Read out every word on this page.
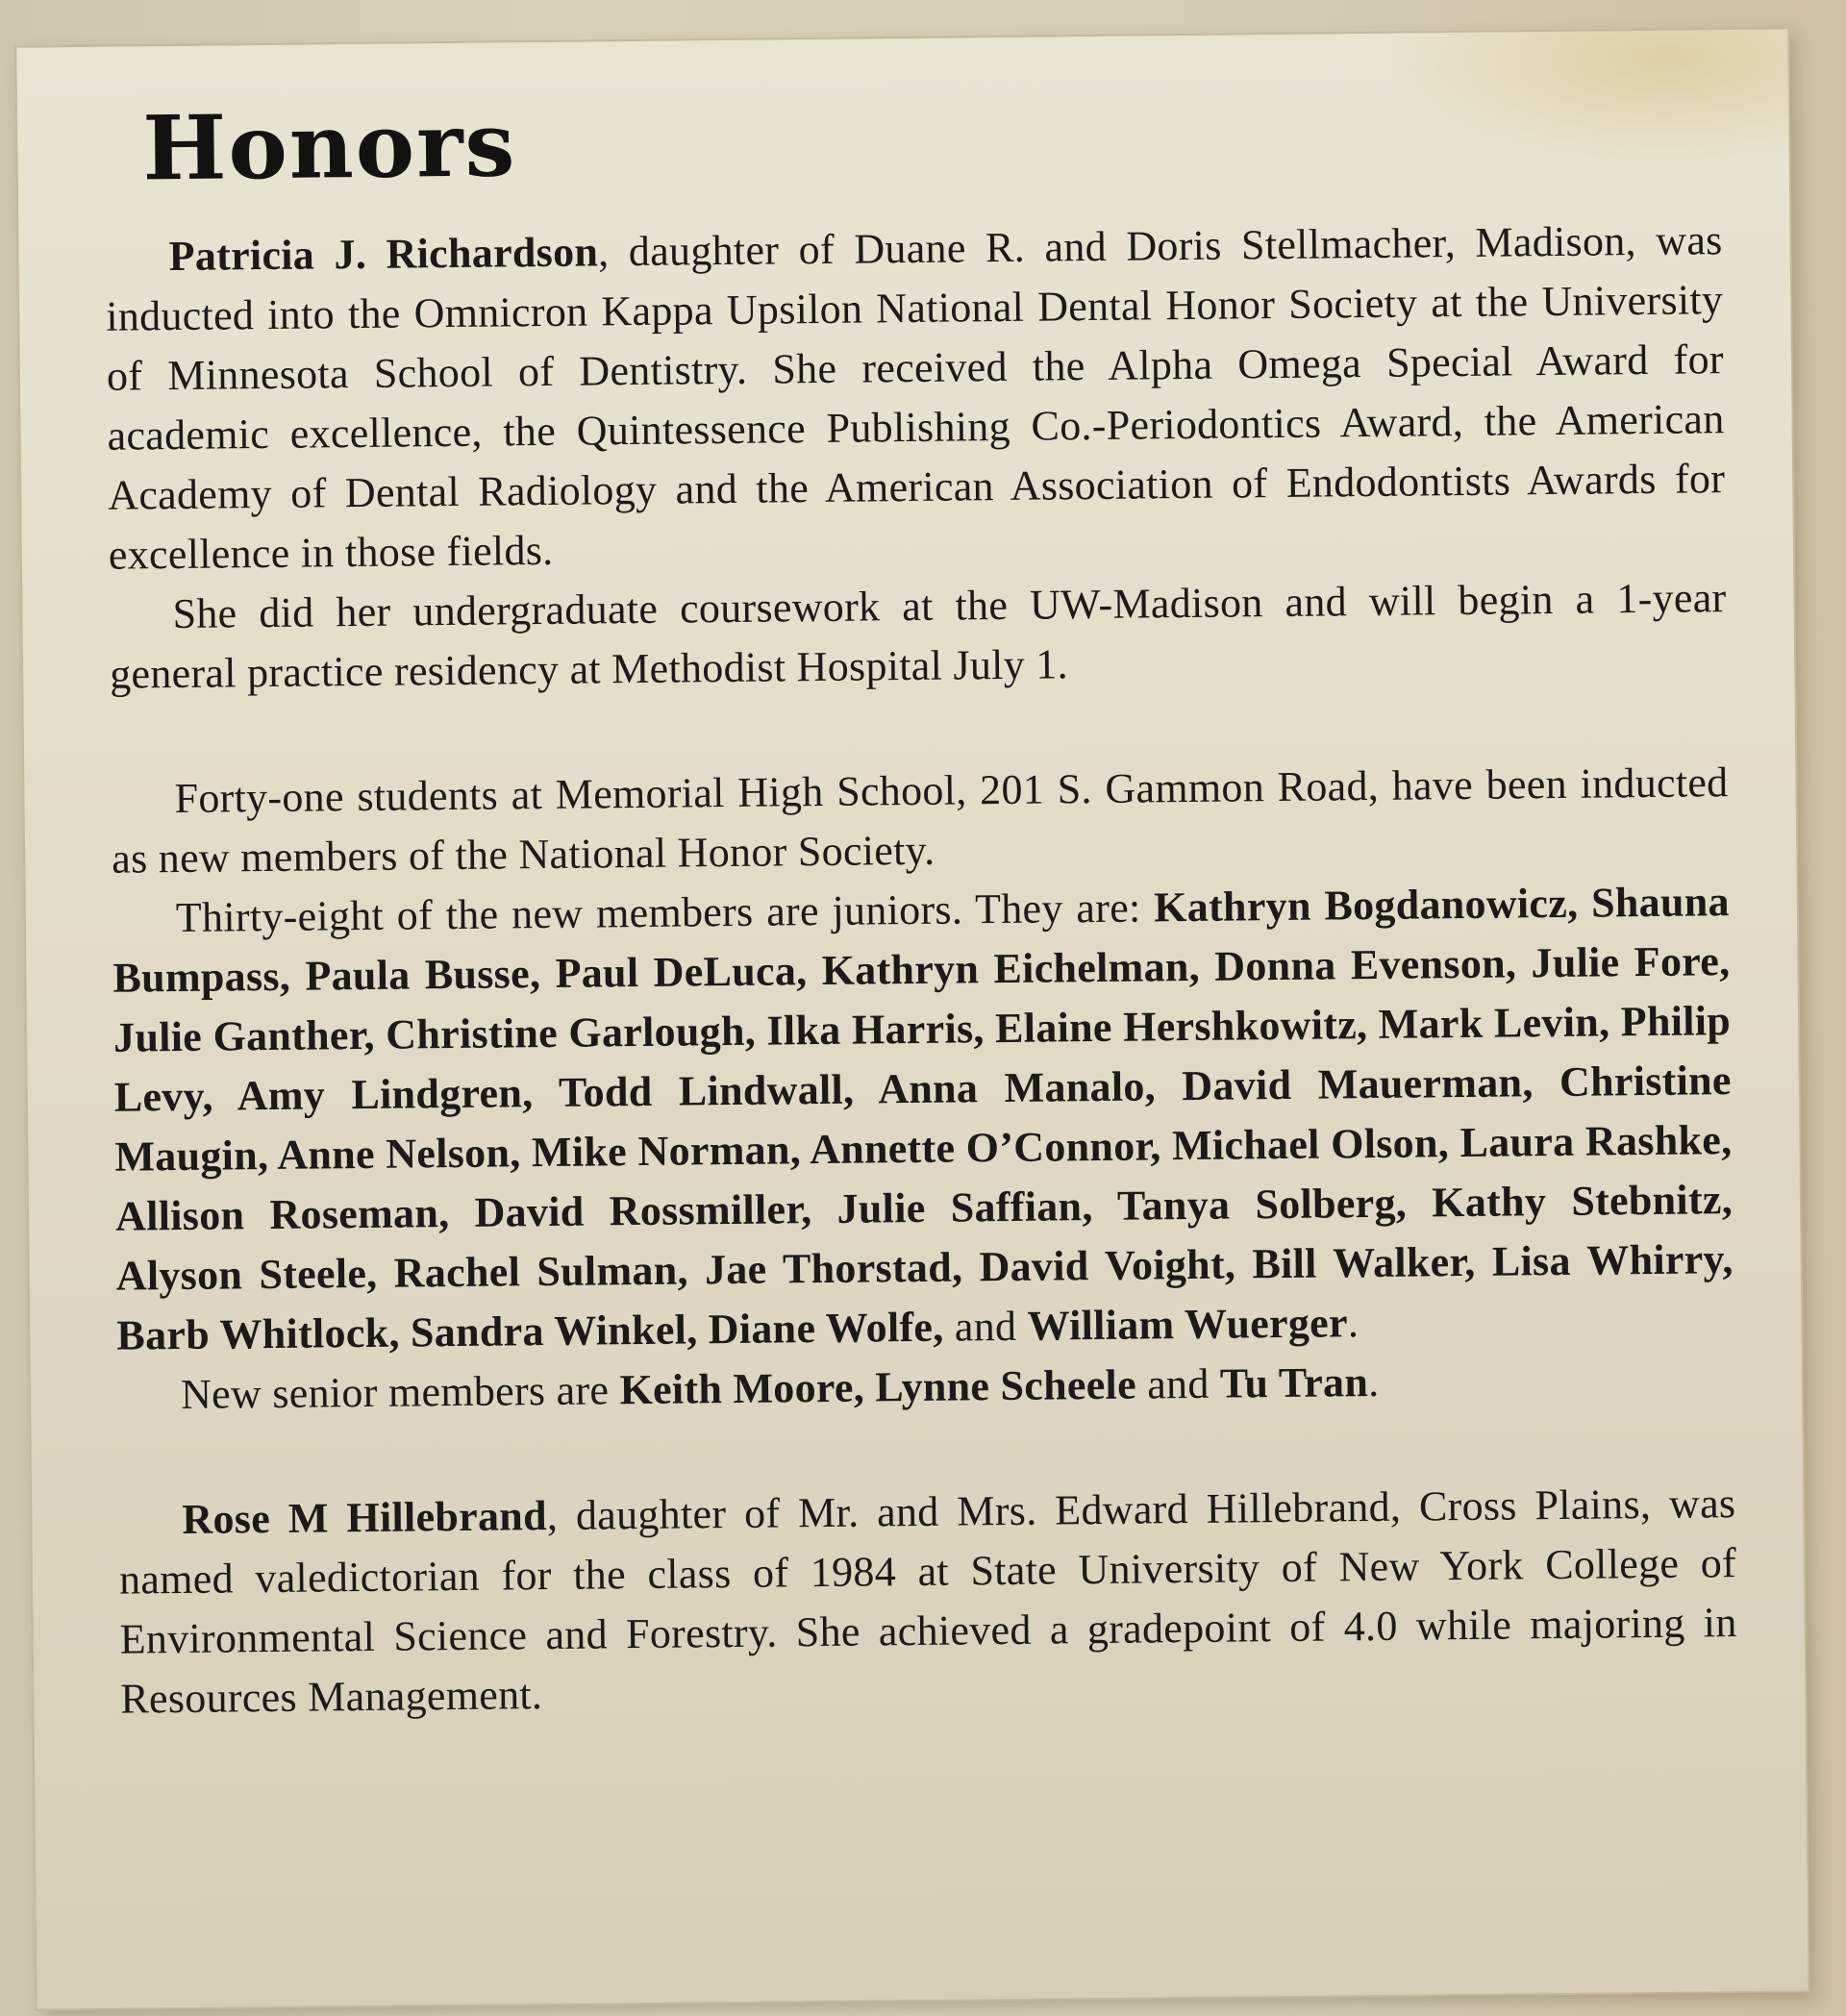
Honors

Patricia J. Richardson, daughter of Duane R. and Doris Stellmacher, Madison, was inducted into the Omnicron Kappa Upsilon National Dental Honor Society at the University of Minnesota School of Dentistry. She received the Alpha Omega Special Award for academic excellence, the Quintessence Publishing Co.-Periodontics Award, the American Academy of Dental Radiology and the American Association of Endodontists Awards for excellence in those fields.

She did her undergraduate coursework at the UW-Madison and will begin a 1-year general practice residency at Methodist Hospital July 1.

Forty-one students at Memorial High School, 201 S. Gammon Road, have been inducted as new members of the National Honor Society.

Thirty-eight of the new members are juniors. They are: Kathryn Bogdanowicz, Shauna Bumpass, Paula Busse, Paul DeLuca, Kathryn Eichelman, Donna Evenson, Julie Fore, Julie Ganther, Christine Garlough, Ilka Harris, Elaine Hershkowitz, Mark Levin, Philip Levy, Amy Lindgren, Todd Lindwall, Anna Manalo, David Mauerman, Christine Maugin, Anne Nelson, Mike Norman, Annette O’Connor, Michael Olson, Laura Rashke, Allison Roseman, David Rossmiller, Julie Saffian, Tanya Solberg, Kathy Stebnitz, Alyson Steele, Rachel Sulman, Jae Thorstad, David Voight, Bill Walker, Lisa Whirry, Barb Whitlock, Sandra Winkel, Diane Wolfe, and William Wuerger.

New senior members are Keith Moore, Lynne Scheele and Tu Tran.

Rose M Hillebrand, daughter of Mr. and Mrs. Edward Hillebrand, Cross Plains, was named valedictorian for the class of 1984 at State University of New York College of Environmental Science and Forestry. She achieved a gradepoint of 4.0 while majoring in Resources Management.
